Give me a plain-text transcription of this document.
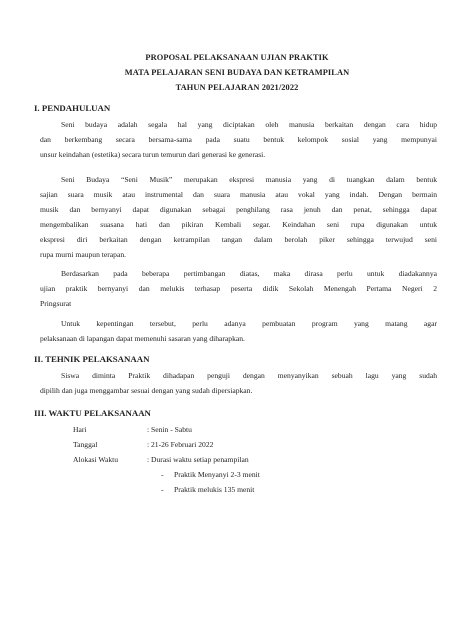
PROPOSAL PELAKSANAAN UJIAN PRAKTIK
MATA PELAJARAN SENI BUDAYA DAN KETRAMPILAN
TAHUN PELAJARAN 2021/2022
I. PENDAHULUAN
Seni budaya adalah segala hal yang diciptakan oleh manusia berkaitan dengan cara hidup
dan berkembang secara bersama-sama pada suatu bentuk kelompok sosial yang mempunyai
unsur keindahan (estetika) secara turun temurun dari generasi ke generasi.
Seni Budaya “Seni Musik” merupakan ekspresi manusia yang di tuangkan dalam bentuk
sajian suara musik atau instrumental dan suara manusia atau vokal yang indah. Dengan bermain
musik dan bernyanyi dapat digunakan sebagai penghilang rasa jenuh dan penat, sehingga dapat
mengembalikan suasana hati dan pikiran Kembali segar. Keindahan seni rupa digunakan untuk
ekspresi diri berkaitan dengan ketrampilan tangan dalam berolah piker sehingga terwujud seni
rupa murni maupun terapan.
Berdasarkan pada beberapa pertimbangan diatas, maka dirasa perlu untuk diadakannya
ujian praktik bernyanyi dan melukis terhasap peserta didik Sekolah Menengah Pertama Negeri 2
Pringsurat
Untuk kepentingan tersebut, perlu adanya pembuatan program yang matang agar
pelaksanaan di lapangan dapat memenuhi sasaran yang diharapkan.
II. TEHNIK PELAKSANAAN
Siswa diminta Praktik dihadapan penguji dengan menyanyikan sebuah lagu yang sudah
dipilih dan juga menggambar sesuai dengan yang sudah dipersiapkan.
III. WAKTU PELAKSANAAN
Hari	: Senin - Sabtu
Tanggal	: 21-26 Februari 2022
Alokasi Waktu	: Durasi waktu setiap penampilan
- Praktik Menyanyi 2-3 menit
- Praktik melukis 135 menit
